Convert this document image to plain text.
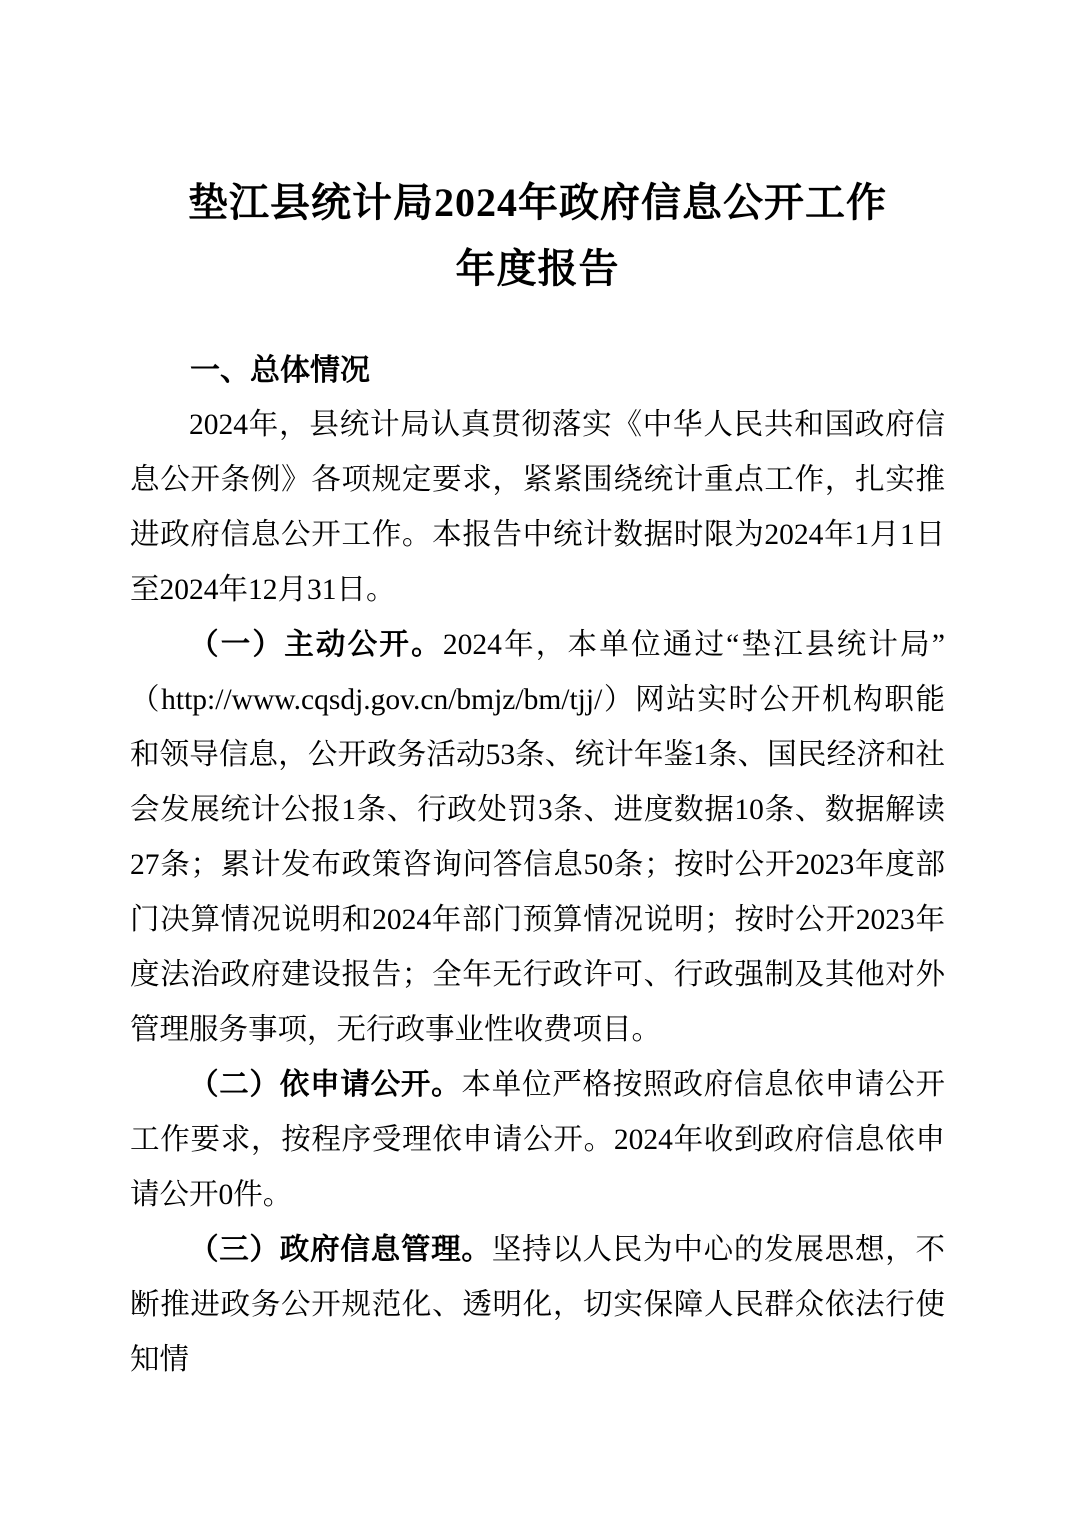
垫江县统计局2024年政府信息公开工作
年度报告
一、总体情况

2024年，县统计局认真贯彻落实《中华人民共和国政府信息公开条例》各项规定要求，紧紧围绕统计重点工作，扎实推进政府信息公开工作。本报告中统计数据时限为2024年1月1日至2024年12月31日。

（一）主动公开。2024年，本单位通过“垫江县统计局”（http://www.cqsdj.gov.cn/bmjz/bm/tjj/）网站实时公开机构职能和领导信息，公开政务活动53条、统计年鉴1条、国民经济和社会发展统计公报1条、行政处罚3条、进度数据10条、数据解读27条；累计发布政策咨询问答信息50条；按时公开2023年度部门决算情况说明和2024年部门预算情况说明；按时公开2023年度法治政府建设报告；全年无行政许可、行政强制及其他对外管理服务事项，无行政事业性收费项目。

（二）依申请公开。本单位严格按照政府信息依申请公开工作要求，按程序受理依申请公开。2024年收到政府信息依申请公开0件。

（三）政府信息管理。坚持以人民为中心的发展思想，不断推进政务公开规范化、透明化，切实保障人民群众依法行使知情
